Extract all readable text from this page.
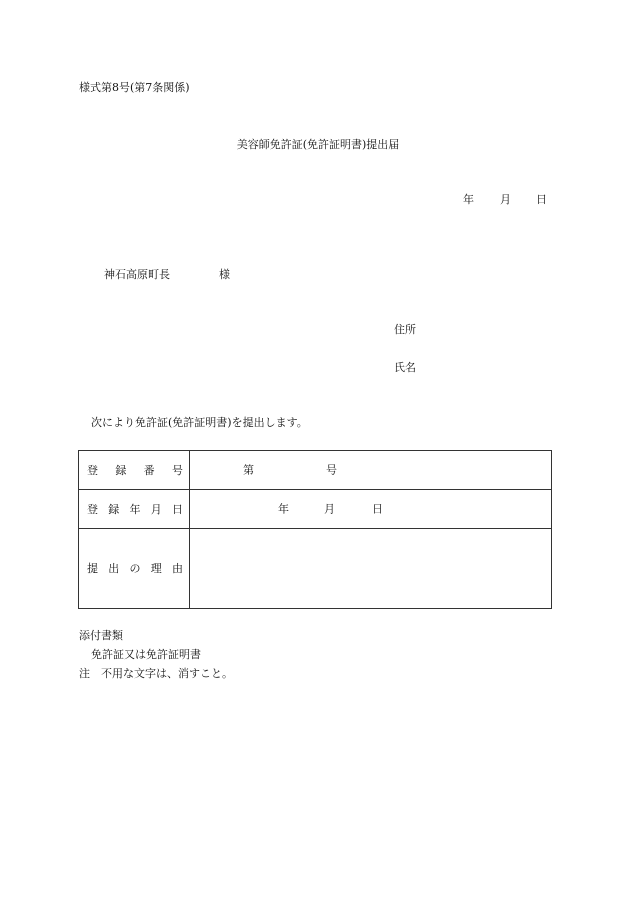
様式第8号(第7条関係)
美容師免許証(免許証明書)提出届
年 月 日
神石高原町長	様
住所
氏名
次により免許証(免許証明書)を提出します。
登 録 番 号	第 号

登 録 年 月 日	年 月 日

提 出 の 理 由	

添付書類
免許証又は免許証明書
注 不用な文字は、消すこと。
